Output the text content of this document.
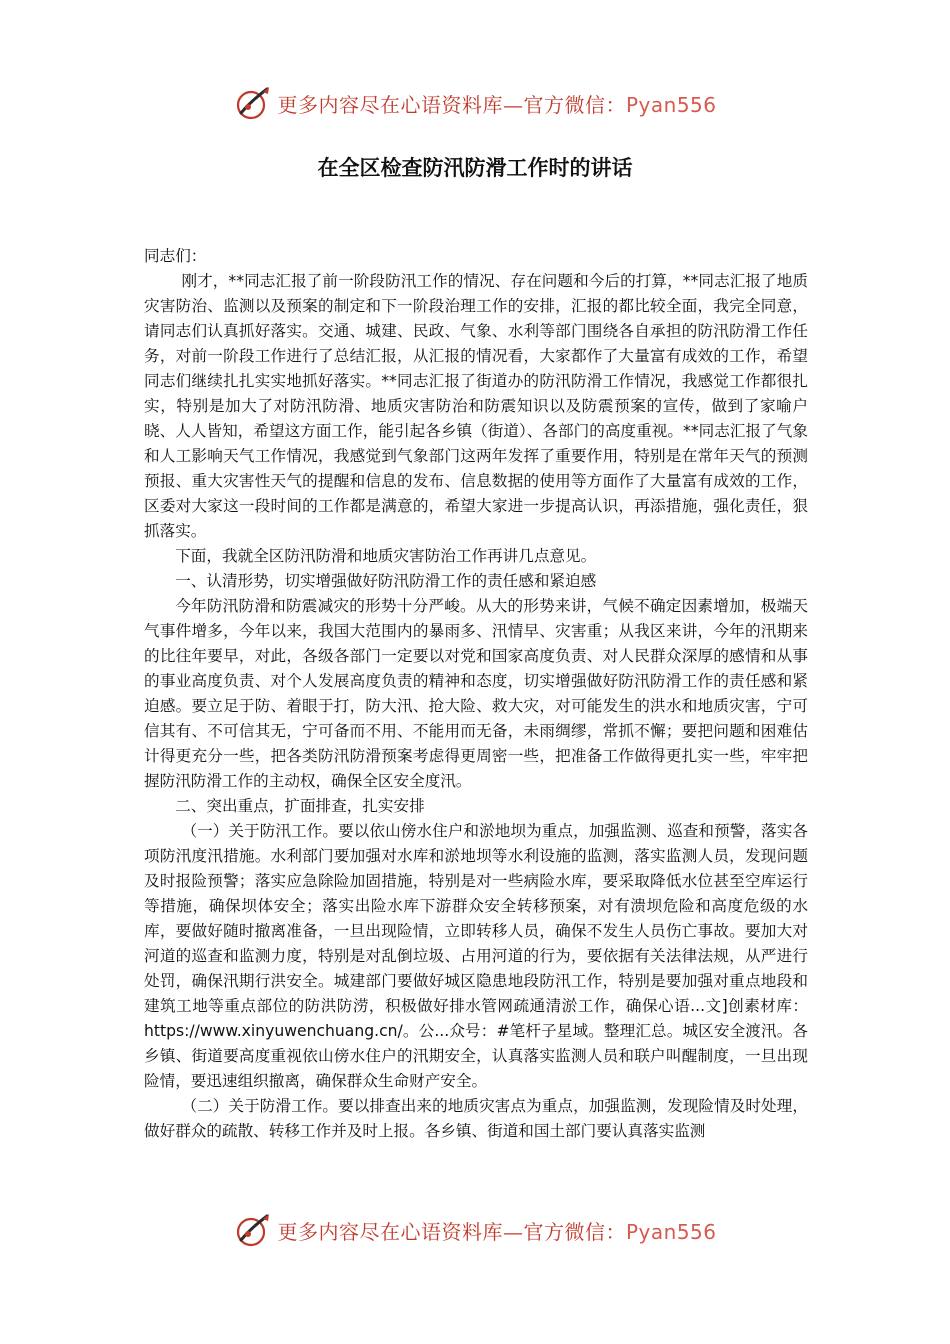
更多内容尽在心语资料库—官方微信：Pyan556
在全区检查防汛防滑工作时的讲话

同志们：

刚才，**同志汇报了前一阶段防汛工作的情况、存在问题和今后的打算，**同志汇报了地质灾害防治、监测以及预案的制定和下一阶段治理工作的安排，汇报的都比较全面，我完全同意，请同志们认真抓好落实。交通、城建、民政、气象、水利等部门围绕各自承担的防汛防滑工作任务，对前一阶段工作进行了总结汇报，从汇报的情况看，大家都作了大量富有成效的工作，希望同志们继续扎扎实实地抓好落实。**同志汇报了街道办的防汛防滑工作情况，我感觉工作都很扎实，特别是加大了对防汛防滑、地质灾害防治和防震知识以及防震预案的宣传，做到了家喻户晓、人人皆知，希望这方面工作，能引起各乡镇（街道）、各部门的高度重视。**同志汇报了气象和人工影响天气工作情况，我感觉到气象部门这两年发挥了重要作用，特别是在常年天气的预测预报、重大灾害性天气的提醒和信息的发布、信息数据的使用等方面作了大量富有成效的工作，区委对大家这一段时间的工作都是满意的，希望大家进一步提高认识，再添措施，强化责任，狠抓落实。

下面，我就全区防汛防滑和地质灾害防治工作再讲几点意见。

一、认清形势，切实增强做好防汛防滑工作的责任感和紧迫感

今年防汛防滑和防震减灾的形势十分严峻。从大的形势来讲，气候不确定因素增加，极端天气事件增多，今年以来，我国大范围内的暴雨多、汛情早、灾害重；从我区来讲，今年的汛期来的比往年要早，对此，各级各部门一定要以对党和国家高度负责、对人民群众深厚的感情和从事的事业高度负责、对个人发展高度负责的精神和态度，切实增强做好防汛防滑工作的责任感和紧迫感。要立足于防、着眼于打，防大汛、抢大险、救大灾，对可能发生的洪水和地质灾害，宁可信其有、不可信其无，宁可备而不用、不能用而无备，未雨绸缪，常抓不懈；要把问题和困难估计得更充分一些，把各类防汛防滑预案考虑得更周密一些，把准备工作做得更扎实一些，牢牢把握防汛防滑工作的主动权，确保全区安全度汛。

二、突出重点，扩面排查，扎实安排

（一）关于防汛工作。要以依山傍水住户和淤地坝为重点，加强监测、巡查和预警，落实各项防汛度汛措施。水利部门要加强对水库和淤地坝等水利设施的监测，落实监测人员，发现问题及时报险预警；落实应急除险加固措施，特别是对一些病险水库，要采取降低水位甚至空库运行等措施，确保坝体安全；落实出险水库下游群众安全转移预案，对有溃坝危险和高度危级的水库，要做好随时撤离准备，一旦出现险情，立即转移人员，确保不发生人员伤亡事故。要加大对河道的巡查和监测力度，特别是对乱倒垃圾、占用河道的行为，要依据有关法律法规，从严进行处罚，确保汛期行洪安全。城建部门要做好城区隐患地段防汛工作，特别是要加强对重点地段和建筑工地等重点部位的防洪防涝，积极做好排水管网疏通清淤工作，确保心语...文]创素材库：https://www.xinyuwenchuang.cn/。公...众号：#笔杆子星域。整理汇总。城区安全渡汛。各乡镇、街道要高度重视依山傍水住户的汛期安全，认真落实监测人员和联户叫醒制度，一旦出现险情，要迅速组织撤离，确保群众生命财产安全。

（二）关于防滑工作。要以排查出来的地质灾害点为重点，加强监测，发现险情及时处理，做好群众的疏散、转移工作并及时上报。各乡镇、街道和国土部门要认真落实监测

更多内容尽在心语资料库—官方微信：Pyan556
